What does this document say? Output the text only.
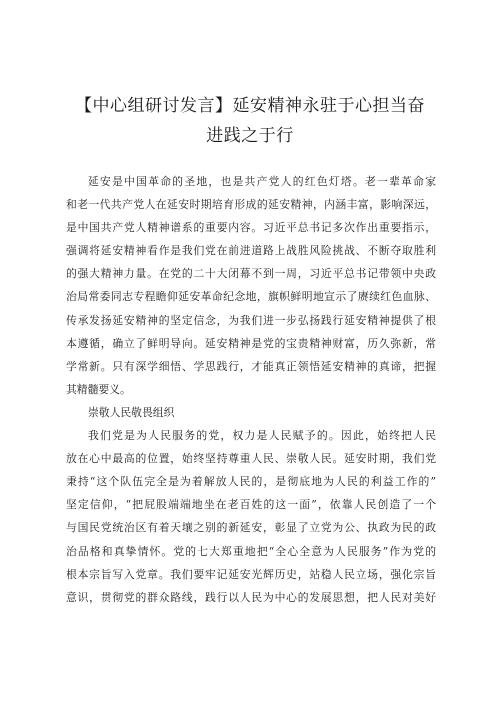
【中心组研讨发言】延安精神永驻于心担当奋
进践之于行
延安是中国革命的圣地，也是共产党人的红色灯塔。老一辈革命家
和老一代共产党人在延安时期培育形成的延安精神，内涵丰富，影响深远，
是中国共产党人精神谱系的重要内容。习近平总书记多次作出重要指示，
强调将延安精神看作是我们党在前进道路上战胜风险挑战、不断夺取胜利
的强大精神力量。在党的二十大闭幕不到一周，习近平总书记带领中央政
治局常委同志专程瞻仰延安革命纪念地，旗帜鲜明地宣示了赓续红色血脉、
传承发扬延安精神的坚定信念，为我们进一步弘扬践行延安精神提供了根
本遵循，确立了鲜明导向。延安精神是党的宝贵精神财富，历久弥新，常
学常新。只有深学细悟、学思践行，才能真正领悟延安精神的真谛，把握
其精髓要义。
崇敬人民敬畏组织
我们党是为人民服务的党，权力是人民赋予的。因此，始终把人民
放在心中最高的位置，始终坚持尊重人民、崇敬人民。延安时期，我们党
秉持“这个队伍完全是为着解放人民的，是彻底地为人民的利益工作的”
坚定信仰，“把屁股端端地坐在老百姓的这一面”，依靠人民创造了一个
与国民党统治区有着天壤之别的新延安，彰显了立党为公、执政为民的政
治品格和真挚情怀。党的七大郑重地把“全心全意为人民服务”作为党的
根本宗旨写入党章。我们要牢记延安光辉历史，站稳人民立场，强化宗旨
意识，贯彻党的群众路线，践行以人民为中心的发展思想，把人民对美好
